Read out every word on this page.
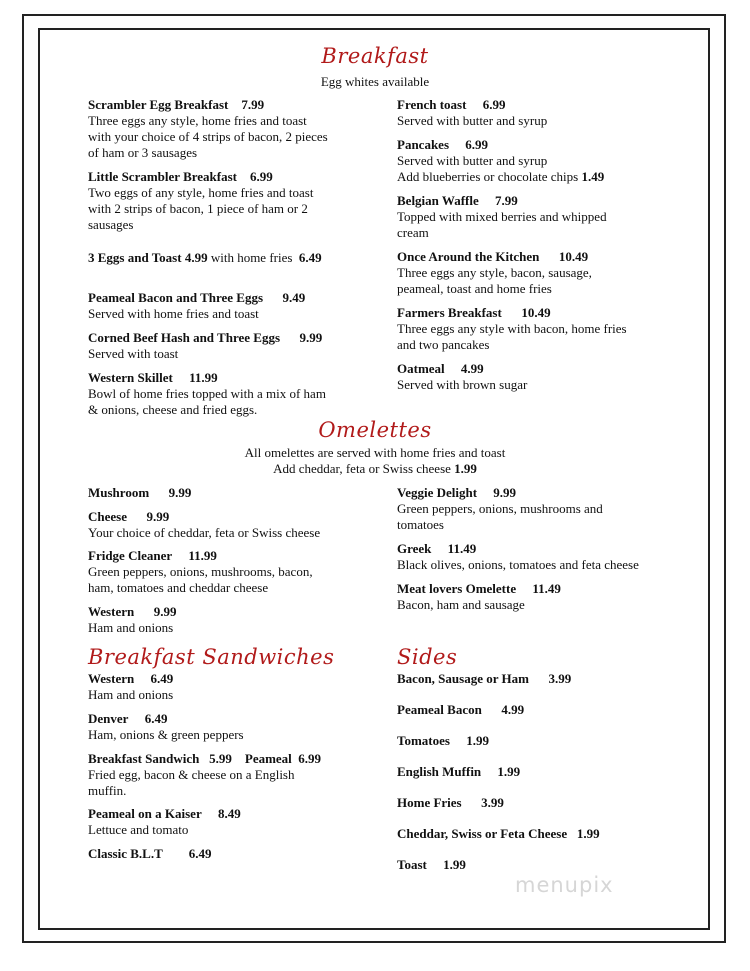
Breakfast
Egg whites available
Scrambler Egg Breakfast 7.99
Three eggs any style, home fries and toast
with your choice of 4 strips of bacon, 2 pieces
of ham or 3 sausages
Little Scrambler Breakfast 6.99
Two eggs of any style, home fries and toast
with 2 strips of bacon, 1 piece of ham or 2
sausages
3 Eggs and Toast 4.99 with home fries 6.49
Peameal Bacon and Three Eggs 9.49
Served with home fries and toast
Corned Beef Hash and Three Eggs 9.99
Served with toast
Western Skillet 11.99
Bowl of home fries topped with a mix of ham
& onions, cheese and fried eggs.
French toast 6.99
Served with butter and syrup
Pancakes 6.99
Served with butter and syrup
Add blueberries or chocolate chips 1.49
Belgian Waffle 7.99
Topped with mixed berries and whipped
cream
Once Around the Kitchen 10.49
Three eggs any style, bacon, sausage,
peameal, toast and home fries
Farmers Breakfast 10.49
Three eggs any style with bacon, home fries
and two pancakes
Oatmeal 4.99
Served with brown sugar
Omelettes
All omelettes are served with home fries and toast
Add cheddar, feta or Swiss cheese 1.99
Mushroom 9.99
Cheese 9.99
Your choice of cheddar, feta or Swiss cheese
Fridge Cleaner 11.99
Green peppers, onions, mushrooms, bacon,
ham, tomatoes and cheddar cheese
Western 9.99
Ham and onions
Veggie Delight 9.99
Green peppers, onions, mushrooms and
tomatoes
Greek 11.49
Black olives, onions, tomatoes and feta cheese
Meat lovers Omelette 11.49
Bacon, ham and sausage
Breakfast Sandwiches
Western 6.49
Ham and onions
Denver 6.49
Ham, onions & green peppers
Breakfast Sandwich 5.99 Peameal 6.99
Fried egg, bacon & cheese on a English
muffin.
Peameal on a Kaiser 8.49
Lettuce and tomato
Classic B.L.T 6.49
Sides
Bacon, Sausage or Ham 3.99
Peameal Bacon 4.99
Tomatoes 1.99
English Muffin 1.99
Home Fries 3.99
Cheddar, Swiss or Feta Cheese 1.99
Toast 1.99
menupix
